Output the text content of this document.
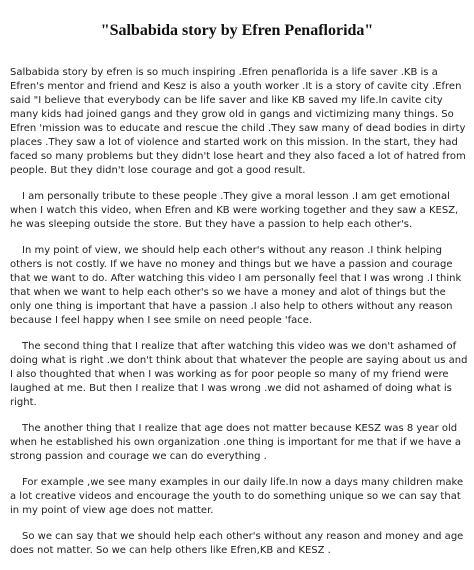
"Salbabida story by Efren Penaflorida"

Salbabida story by efren is so much inspiring .Efren penaflorida is a life saver .KB is a Efren's mentor and friend and Kesz is also a youth worker .It is a story of cavite city .Efren said "I believe that everybody can be life saver and like KB saved my life.In cavite city many kids had joined gangs and they grow old in gangs and victimizing many things. So Efren 'mission was to educate and rescue the child .They saw many of dead bodies in dirty places .They saw a lot of violence and started work on this mission. In the start, they had faced so many problems but they didn't lose heart and they also faced a lot of hatred from people. But they didn't lose courage and got a good result.

I am personally tribute to these people .They give a moral lesson .I am get emotional when I watch this video, when Efren and KB were working together and they saw a KESZ, he was sleeping outside the store. But they have a passion to help each other's.

In my point of view, we should help each other's without any reason .I think helping others is not costly. If we have no money and things but we have a passion and courage that we want to do. After watching this video I am personally feel that I was wrong .I think that when we want to help each other's so we have a money and alot of things but the only one thing is important that have a passion .I also help to others without any reason because I feel happy when I see smile on need people 'face.

The second thing that I realize that after watching this video was we don't ashamed of doing what is right .we don't think about that whatever the people are saying about us and I also thoughted that when I was working as for poor people so many of my friend were laughed at me. But then I realize that I was wrong .we did not ashamed of doing what is right.

The another thing that I realize that age does not matter because KESZ was 8 year old when he established his own organization .one thing is important for me that if we have a strong passion and courage we can do everything .

For example ,we see many examples in our daily life.In now a days many children make a lot creative videos and encourage the youth to do something unique so we can say that in my point of view age does not matter.

So we can say that we should help each other's without any reason and money and age does not matter. So we can help others like Efren,KB and KESZ .
